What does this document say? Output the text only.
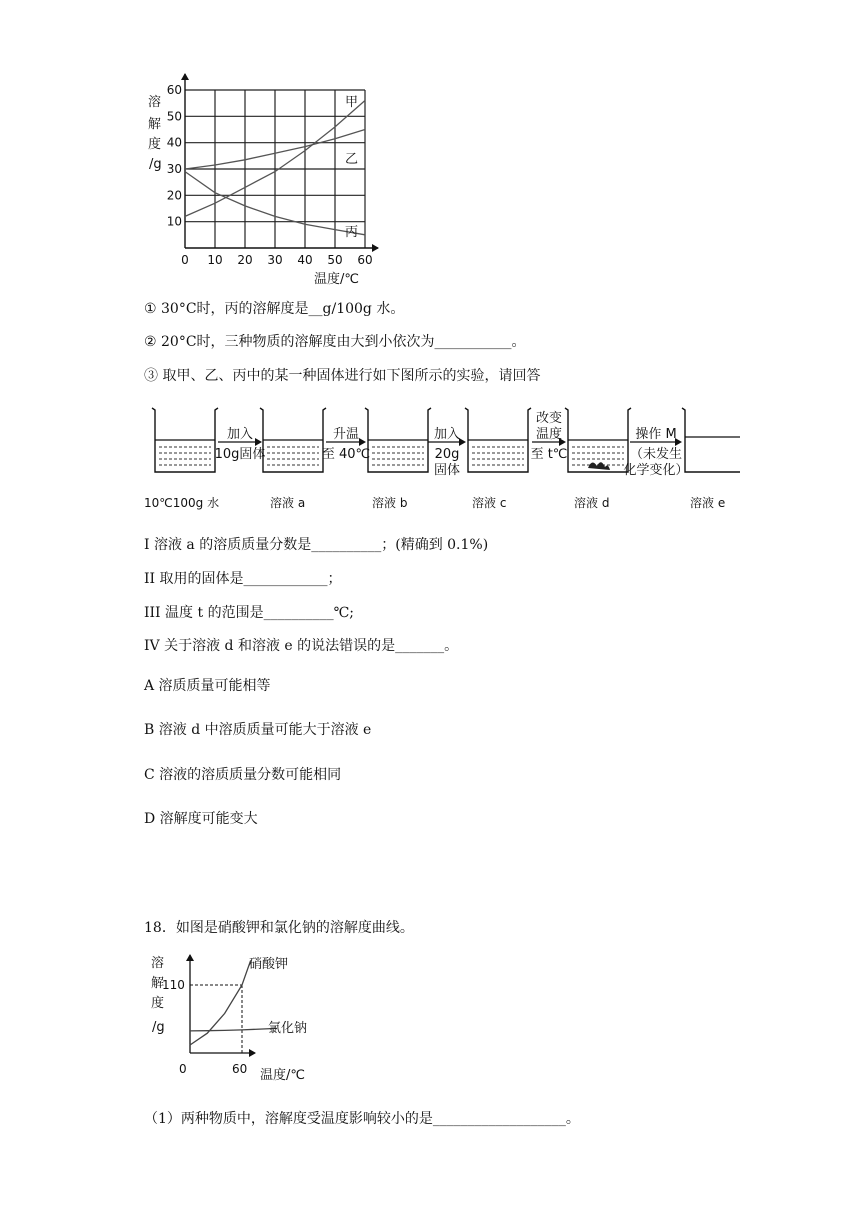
溶
解
度
/g
0 10 20 30 40 50 60
10
20
30
40
50
60
甲
乙
丙
温度/℃
① 30°C时，丙的溶解度是__g/100g 水。
② 20°C时，三种物质的溶解度由大到小依次为___________。
③ 取甲、乙、丙中的某一种固体进行如下图所示的实验，请回答
加入
10g固体
升温
至 40℃
加入
20g
固体
改变
温度
至 t℃
操作 M
（未发生
化学变化）
10℃100g 水	溶液 a	溶液 b	溶液 c	溶液 d	溶液 e
I 溶液 a 的溶质质量分数是__________；(精确到 0.1%)
II 取用的固体是____________；
III 温度 t 的范围是__________℃;
IV 关于溶液 d 和溶液 e 的说法错误的是_______。
A 溶质质量可能相等
B 溶液 d 中溶质质量可能大于溶液 e
C 溶液的溶质质量分数可能相同
D 溶解度可能变大
18．如图是硝酸钾和氯化钠的溶解度曲线。
溶
度
/g
解
0	60
110
温度/℃
硝酸钾
氯化钠
（1）两种物质中，溶解度受温度影响较小的是___________________。
